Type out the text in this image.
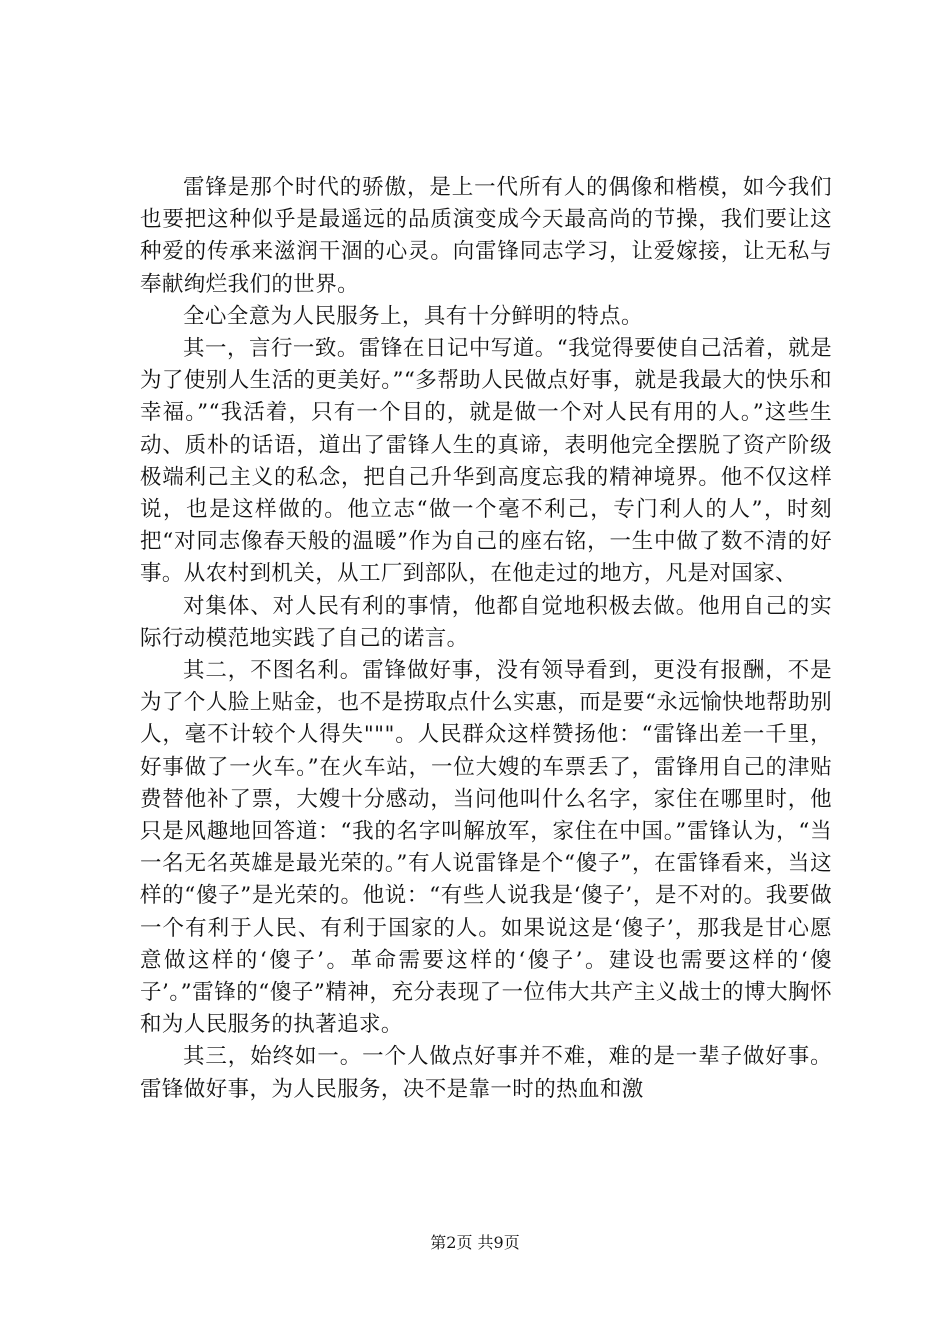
雷锋是那个时代的骄傲，是上一代所有人的偶像和楷模，如今我们也要把这种似乎是最遥远的品质演变成今天最高尚的节操，我们要让这种爱的传承来滋润干涸的心灵。向雷锋同志学习，让爱嫁接，让无私与奉献绚烂我们的世界。

全心全意为人民服务上，具有十分鲜明的特点。

其一，言行一致。雷锋在日记中写道。“我觉得要使自己活着，就是为了使别人生活的更美好。”“多帮助人民做点好事，就是我最大的快乐和幸福。”“我活着，只有一个目的，就是做一个对人民有用的人。”这些生动、质朴的话语，道出了雷锋人生的真谛，表明他完全摆脱了资产阶级极端利己主义的私念，把自己升华到高度忘我的精神境界。他不仅这样说，也是这样做的。他立志“做一个毫不利己，专门利人的人”，时刻把“对同志像春天般的温暖”作为自己的座右铭，一生中做了数不清的好事。从农村到机关，从工厂到部队，在他走过的地方，凡是对国家、

对集体、对人民有利的事情，他都自觉地积极去做。他用自己的实际行动模范地实践了自己的诺言。

其二，不图名利。雷锋做好事，没有领导看到，更没有报酬，不是为了个人脸上贴金，也不是捞取点什么实惠，而是要“永远愉快地帮助别人，毫不计较个人得失"""。人民群众这样赞扬他：“雷锋出差一千里，好事做了一火车。”在火车站，一位大嫂的车票丢了，雷锋用自己的津贴费替他补了票，大嫂十分感动，当问他叫什么名字，家住在哪里时，他只是风趣地回答道：“我的名字叫解放军，家住在中国。”雷锋认为，“当一名无名英雄是最光荣的。”有人说雷锋是个“傻子”，在雷锋看来，当这样的“傻子”是光荣的。他说：“有些人说我是‘傻子’，是不对的。我要做一个有利于人民、有利于国家的人。如果说这是‘傻子’，那我是甘心愿意做这样的‘傻子’。革命需要这样的‘傻子’。建设也需要这样的‘傻子’。”雷锋的“傻子”精神，充分表现了一位伟大共产主义战士的博大胸怀和为人民服务的执著追求。

其三，始终如一。一个人做点好事并不难，难的是一辈子做好事。雷锋做好事，为人民服务，决不是靠一时的热血和激

第2页 共9页
